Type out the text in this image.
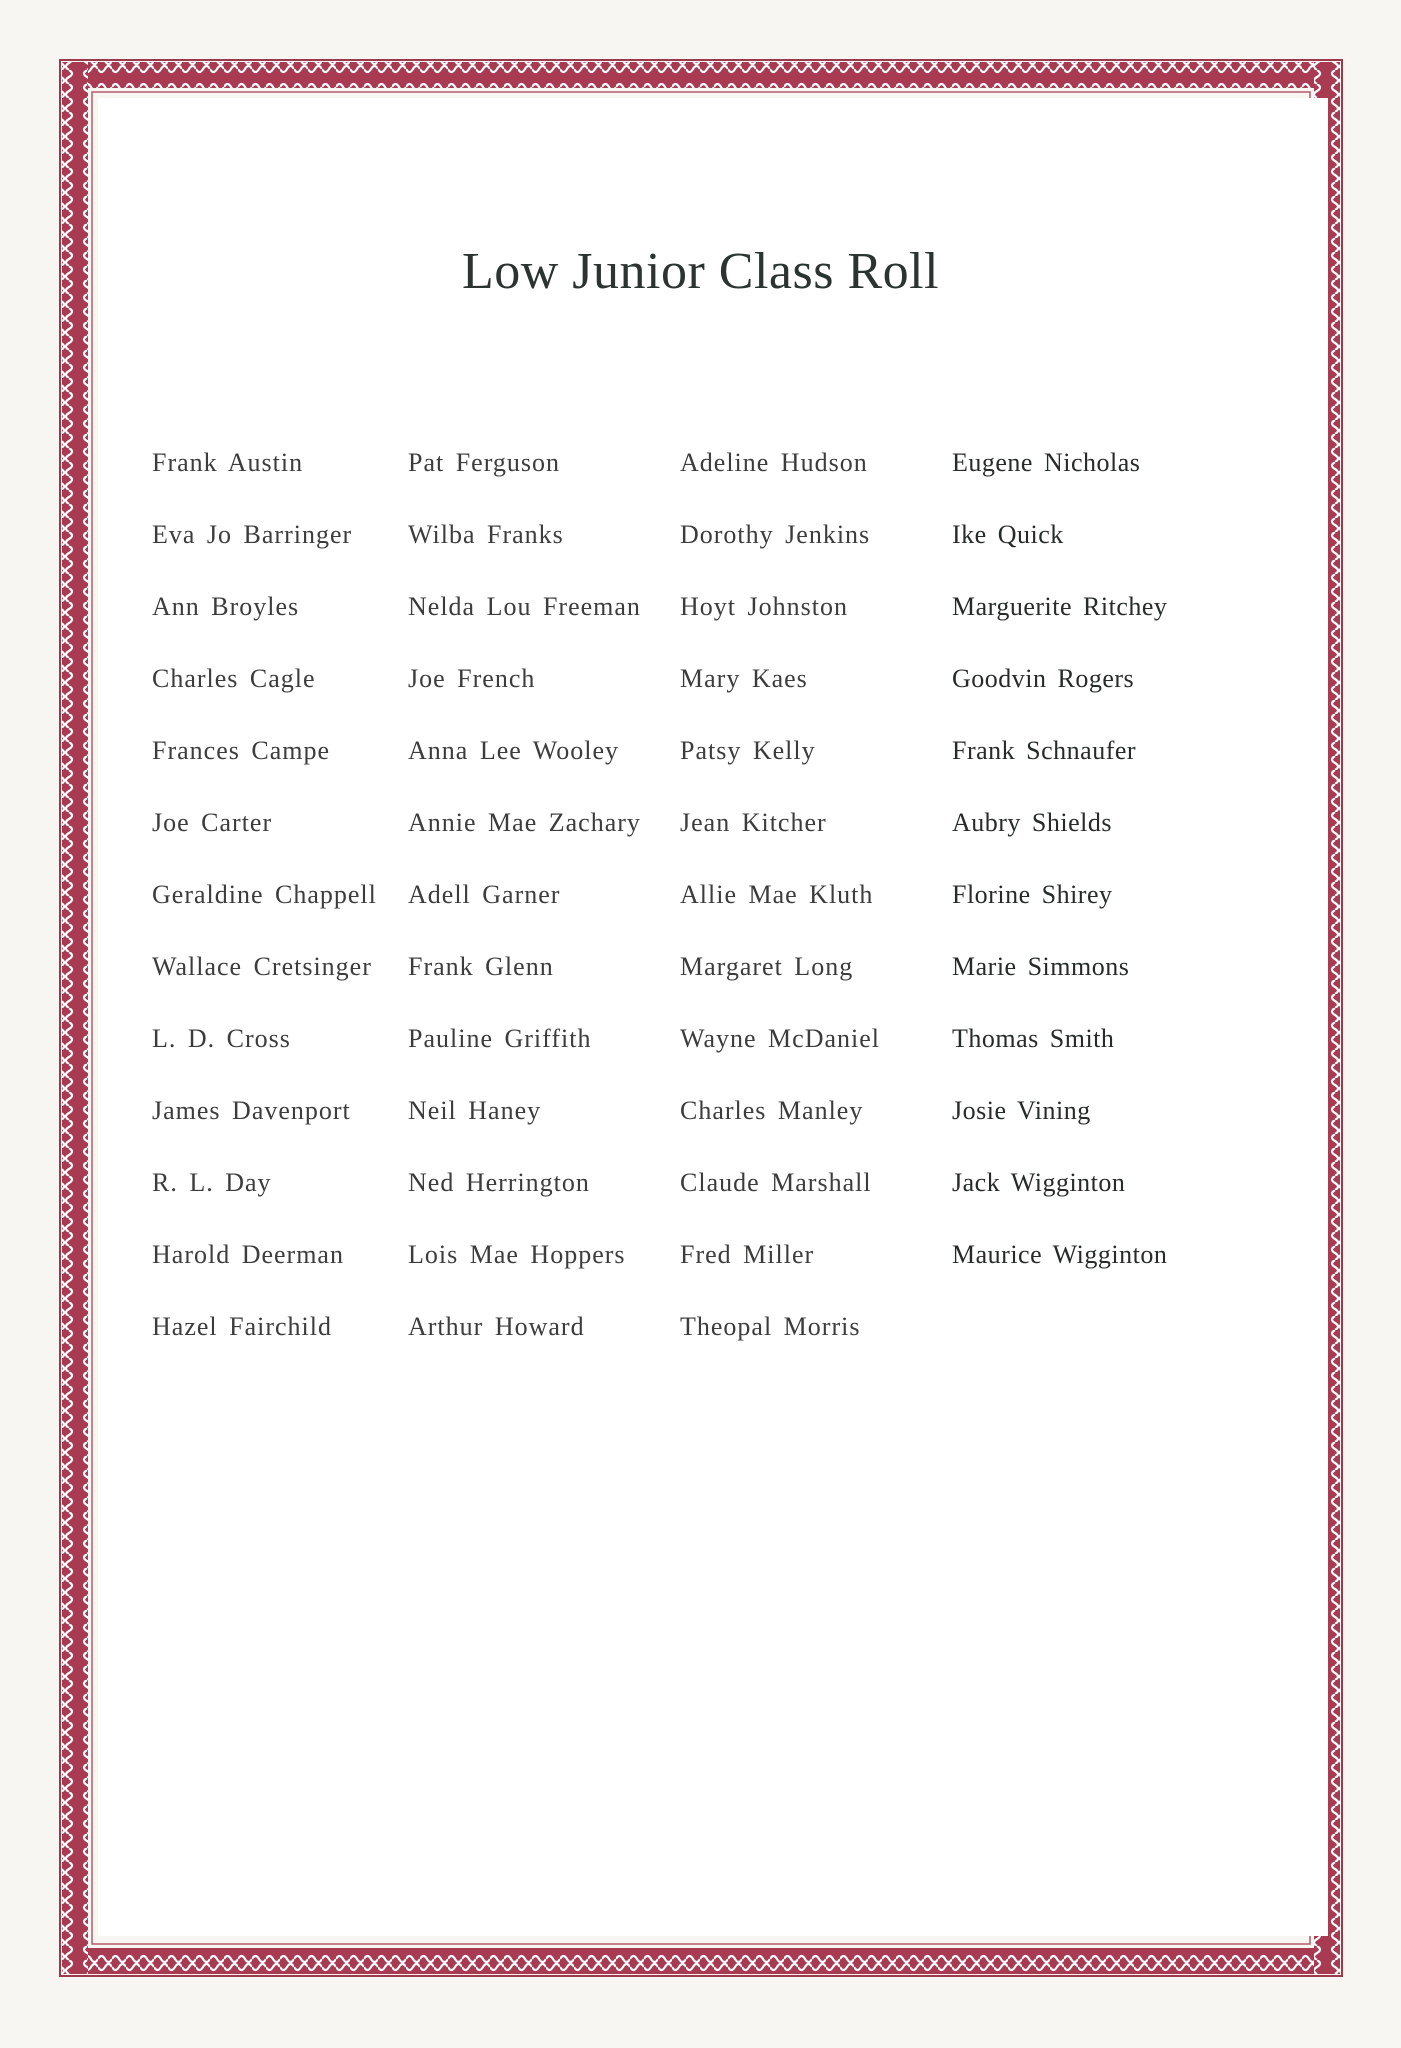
Low Junior Class Roll
Frank Austin
Eva Jo Barringer
Ann Broyles
Charles Cagle
Frances Campe
Joe Carter
Geraldine Chappell
Wallace Cretsinger
L. D. Cross
James Davenport
R. L. Day
Harold Deerman
Hazel Fairchild
Pat Ferguson
Wilba Franks
Nelda Lou Freeman
Joe French
Anna Lee Wooley
Annie Mae Zachary
Adell Garner
Frank Glenn
Pauline Griffith
Neil Haney
Ned Herrington
Lois Mae Hoppers
Arthur Howard
Adeline Hudson
Dorothy Jenkins
Hoyt Johnston
Mary Kaes
Patsy Kelly
Jean Kitcher
Allie Mae Kluth
Margaret Long
Wayne McDaniel
Charles Manley
Claude Marshall
Fred Miller
Theopal Morris
Eugene Nicholas
Ike Quick
Marguerite Ritchey
Goodvin Rogers
Frank Schnaufer
Aubry Shields
Florine Shirey
Marie Simmons
Thomas Smith
Josie Vining
Jack Wigginton
Maurice Wigginton
